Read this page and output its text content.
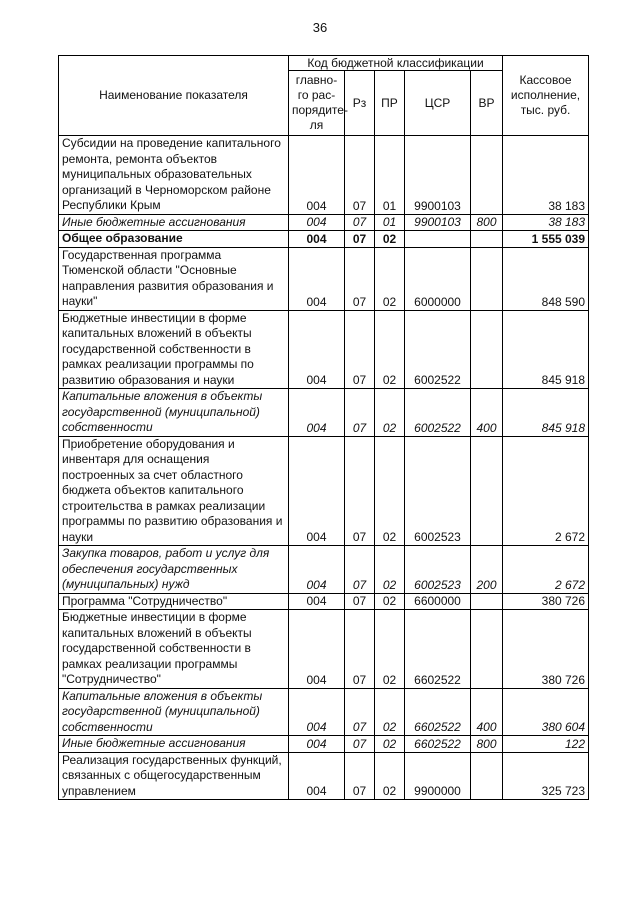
36
Наименование показателя	Код бюджетной классификации					Кассовое исполнение, тыс. руб.
	главно-го рас-порядите-ля	Рз	ПР	ЦСР	ВР	
Субсидии на проведение капитального ремонта, ремонта объектов муниципальных образовательных организаций в Черноморском районе Республики Крым	004	07	01	9900103		38 183
Иные бюджетные ассигнования	004	07	01	9900103	800	38 183
Общее образование	004	07	02			1 555 039
Государственная программа Тюменской области "Основные направления развития образования и науки"	004	07	02	6000000		848 590
Бюджетные инвестиции в форме капитальных вложений в объекты государственной собственности в рамках реализации программы по развитию образования и науки	004	07	02	6002522		845 918
Капитальные вложения в объекты государственной (муниципальной) собственности	004	07	02	6002522	400	845 918
Приобретение оборудования и инвентаря для оснащения построенных за счет областного бюджета объектов капитального строительства в рамках реализации программы по развитию образования и науки	004	07	02	6002523		2 672
Закупка товаров, работ и услуг для обеспечения государственных (муниципальных) нужд	004	07	02	6002523	200	2 672
Программа "Сотрудничество"	004	07	02	6600000		380 726
Бюджетные инвестиции в форме капитальных вложений в объекты государственной собственности в рамках реализации программы "Сотрудничество"	004	07	02	6602522		380 726
Капитальные вложения в объекты государственной (муниципальной) собственности	004	07	02	6602522	400	380 604
Иные бюджетные ассигнования	004	07	02	6602522	800	122
Реализация государственных функций, связанных с общегосударственным управлением	004	07	02	9900000		325 723
